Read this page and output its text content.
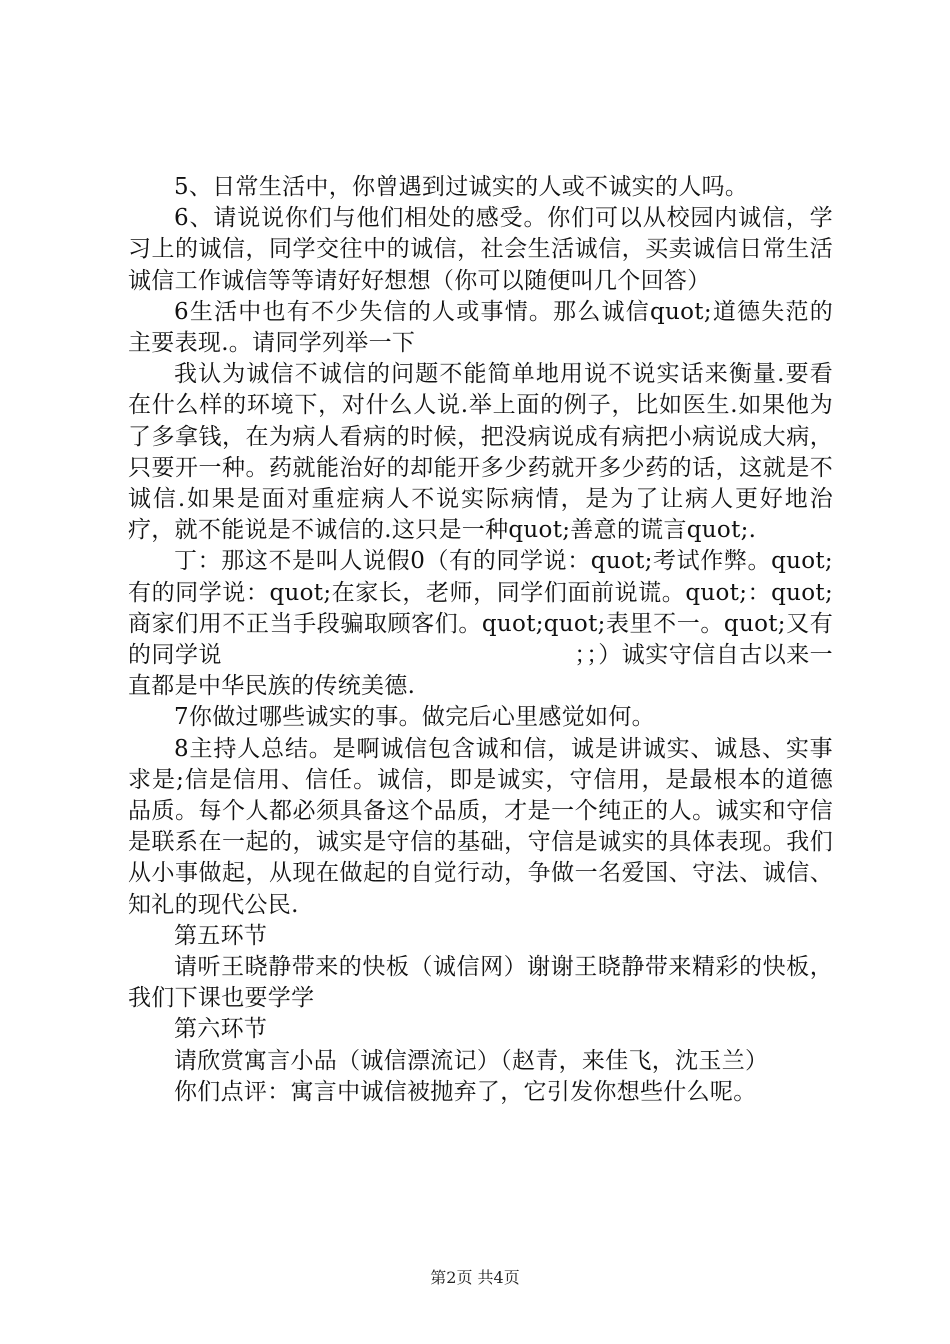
5、日常生活中，你曾遇到过诚实的人或不诚实的人吗。

6、请说说你们与他们相处的感受。你们可以从校园内诚信，学习上的诚信，同学交往中的诚信，社会生活诚信，买卖诚信日常生活诚信工作诚信等等请好好想想（你可以随便叫几个回答）

6生活中也有不少失信的人或事情。那么诚信quot;道德失范的主要表现.。请同学列举一下

我认为诚信不诚信的问题不能简单地用说不说实话来衡量.要看在什么样的环境下，对什么人说.举上面的例子，比如医生.如果他为了多拿钱，在为病人看病的时候，把没病说成有病把小病说成大病，只要开一种。药就能治好的却能开多少药就开多少药的话，这就是不诚信.如果是面对重症病人不说实际病情，是为了让病人更好地治疗，就不能说是不诚信的.这只是一种quot;善意的谎言quot;.

丁：那这不是叫人说假0（有的同学说：quot;考试作弊。quot;有的同学说：quot;在家长，老师，同学们面前说谎。quot;：quot;商家们用不正当手段骗取顾客们。quot;quot;表里不一。quot;又有的同学说　　　　　　　　　　　　　　　；；）诚实守信自古以来一直都是中华民族的传统美德.

7你做过哪些诚实的事。做完后心里感觉如何。

8主持人总结。是啊诚信包含诚和信，诚是讲诚实、诚恳、实事求是;信是信用、信任。诚信，即是诚实，守信用，是最根本的道德品质。每个人都必须具备这个品质，才是一个纯正的人。诚实和守信是联系在一起的，诚实是守信的基础，守信是诚实的具体表现。我们从小事做起，从现在做起的自觉行动，争做一名爱国、守法、诚信、知礼的现代公民.

第五环节

请听王晓静带来的快板（诚信网）谢谢王晓静带来精彩的快板，我们下课也要学学

第六环节

请欣赏寓言小品（诚信漂流记）（赵青，来佳飞，沈玉兰）

你们点评：寓言中诚信被抛弃了，它引发你想些什么呢。

第2页 共4页
